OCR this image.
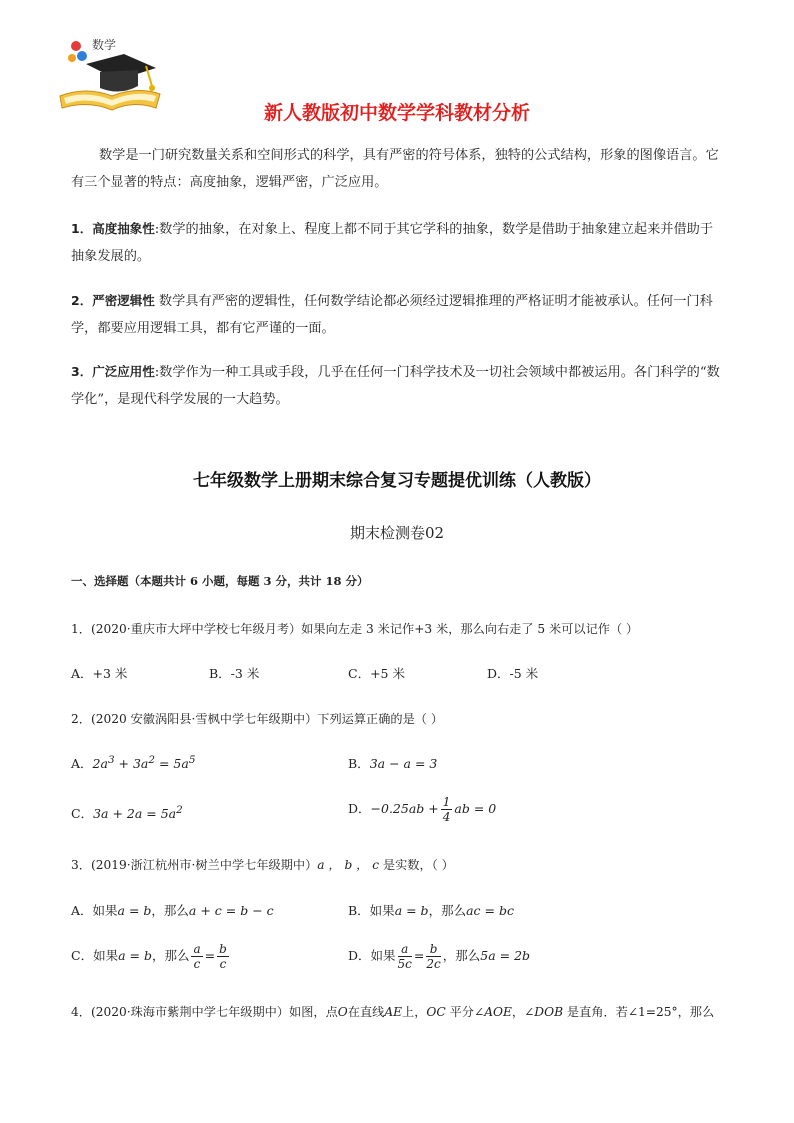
数学
新人教版初中数学学科教材分析
数学是一门研究数量关系和空间形式的科学，具有严密的符号体系，独特的公式结构，形象的图像语言。它有三个显著的特点：高度抽象，逻辑严密，广泛应用。
1．高度抽象性:数学的抽象，在对象上、程度上都不同于其它学科的抽象，数学是借助于抽象建立起来并借助于抽象发展的。
2．严密逻辑性 数学具有严密的逻辑性，任何数学结论都必须经过逻辑推理的严格证明才能被承认。任何一门科学，都要应用逻辑工具，都有它严谨的一面。
3．广泛应用性:数学作为一种工具或手段，几乎在任何一门科学技术及一切社会领域中都被运用。各门科学的“数学化”，是现代科学发展的一大趋势。
七年级数学上册期末综合复习专题提优训练（人教版）
期末检测卷02
一、选择题（本题共计 6 小题，每题 3 分，共计 18 分）
1．(2020·重庆市大坪中学校七年级月考）如果向左走 3 米记作+3 米，那么向右走了 5 米可以记作（ ）
A．+3 米	B．-3 米	C．+5 米	D．-5 米
2．(2020 安徽涡阳县·雪枫中学七年级期中）下列运算正确的是（ ）
A．$2a^3 + 3a^2 = 5a^5$	B．3a − a = 3
C．$3a + 2a = 5a^2$	D．$-0.25ab + \frac{1}{4}$ ab = 0
3．(2019·浙江杭州市·树兰中学七年级期中）a ， b ， c 是实数，（ ）
A．如果a = b，那么a + c = b − c	B．如果a = b，那么ac = bc
C．如果a = b，那么 $\frac{a}{c} = \frac{b}{c}$	D．如果 $\frac{a}{5c} = \frac{b}{2c}$ ，那么5a = 2b
4．(2020·珠海市紫荆中学七年级期中）如图，点O在直线AE上，OC 平分∠AOE，∠DOB 是直角．若∠1=25°，那么
